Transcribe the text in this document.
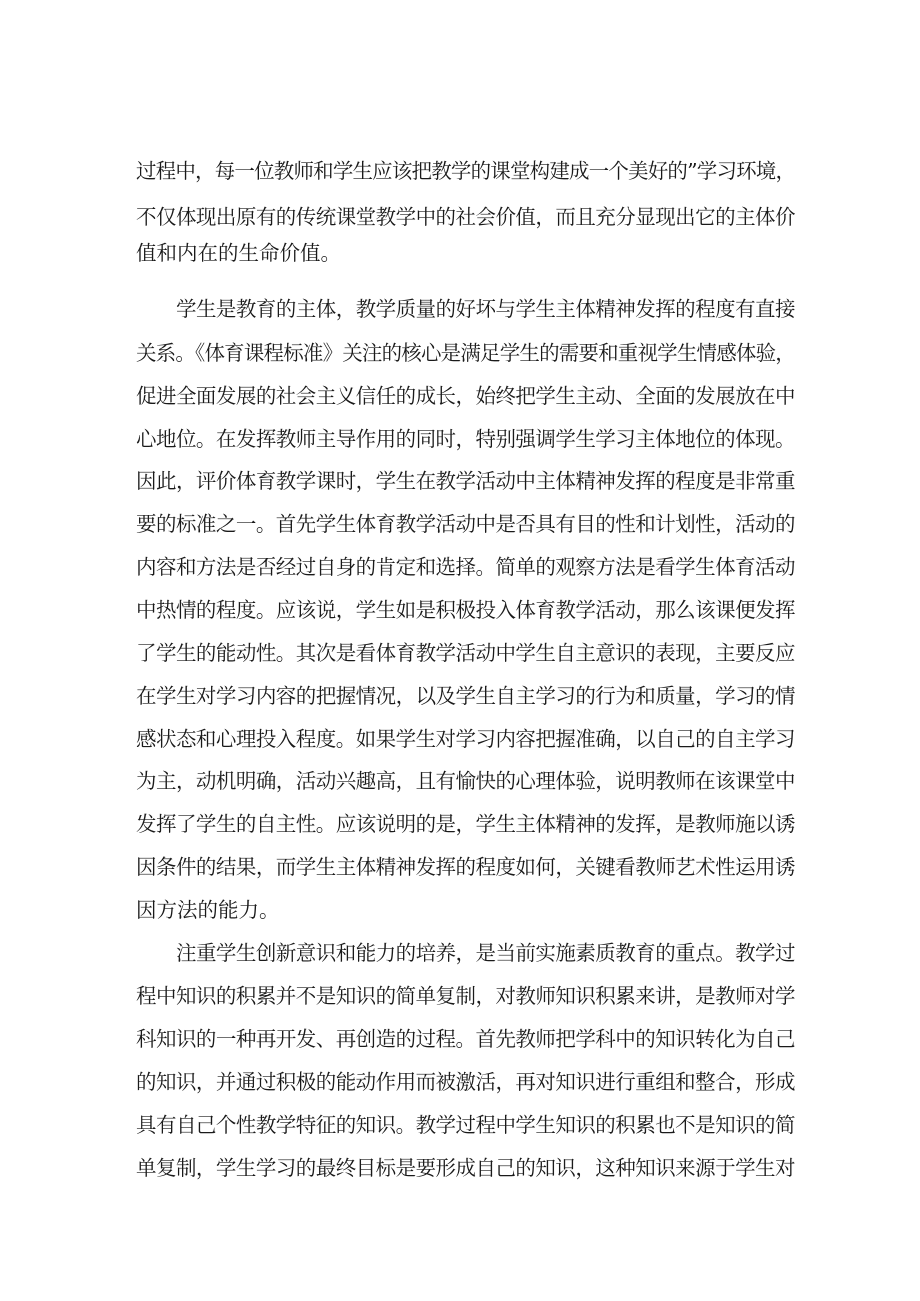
过程中，每一位教师和学生应该把教学的课堂构建成一个美好的”学习环境，
不仅体现出原有的传统课堂教学中的社会价值，而且充分显现出它的主体价
值和内在的生命价值。
学生是教育的主体，教学质量的好坏与学生主体精神发挥的程度有直接
关系。《体育课程标准》关注的核心是满足学生的需要和重视学生情感体验，
促进全面发展的社会主义信任的成长，始终把学生主动、全面的发展放在中
心地位。在发挥教师主导作用的同时，特别强调学生学习主体地位的体现。
因此，评价体育教学课时，学生在教学活动中主体精神发挥的程度是非常重
要的标准之一。首先学生体育教学活动中是否具有目的性和计划性，活动的
内容和方法是否经过自身的肯定和选择。简单的观察方法是看学生体育活动
中热情的程度。应该说，学生如是积极投入体育教学活动，那么该课便发挥
了学生的能动性。其次是看体育教学活动中学生自主意识的表现，主要反应
在学生对学习内容的把握情况，以及学生自主学习的行为和质量，学习的情
感状态和心理投入程度。如果学生对学习内容把握准确，以自己的自主学习
为主，动机明确，活动兴趣高，且有愉快的心理体验，说明教师在该课堂中
发挥了学生的自主性。应该说明的是，学生主体精神的发挥，是教师施以诱
因条件的结果，而学生主体精神发挥的程度如何，关键看教师艺术性运用诱
因方法的能力。
注重学生创新意识和能力的培养，是当前实施素质教育的重点。教学过
程中知识的积累并不是知识的简单复制，对教师知识积累来讲，是教师对学
科知识的一种再开发、再创造的过程。首先教师把学科中的知识转化为自己
的知识，并通过积极的能动作用而被激活，再对知识进行重组和整合，形成
具有自己个性教学特征的知识。教学过程中学生知识的积累也不是知识的简
单复制，学生学习的最终目标是要形成自己的知识，这种知识来源于学生对
